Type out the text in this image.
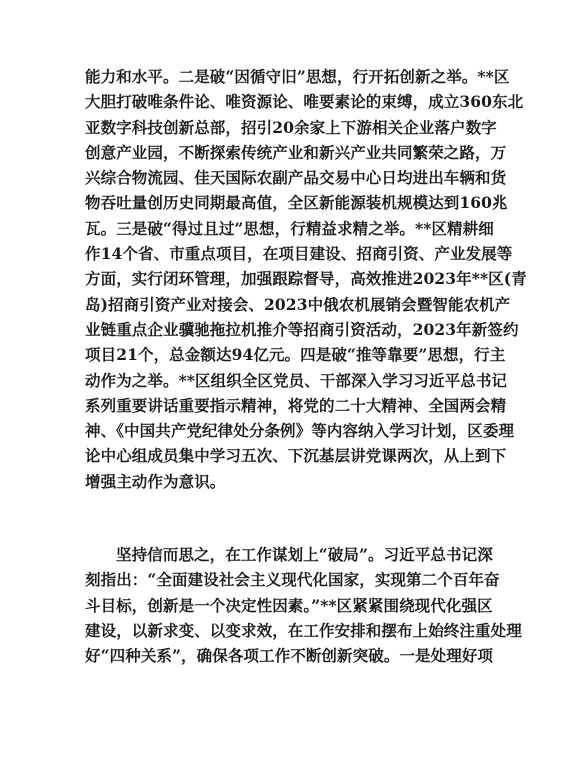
能力和水平。二是破“因循守旧”思想，行开拓创新之举。**区
大胆打破唯条件论、唯资源论、唯要素论的束缚，成立360东北
亚数字科技创新总部，招引20余家上下游相关企业落户数字
创意产业园，不断探索传统产业和新兴产业共同繁荣之路，万
兴综合物流园、佳天国际农副产品交易中心日均进出车辆和货
物吞吐量创历史同期最高值，全区新能源装机规模达到160兆
瓦。三是破“得过且过”思想，行精益求精之举。**区精耕细
作14个省、市重点项目，在项目建设、招商引资、产业发展等
方面，实行闭环管理，加强跟踪督导，高效推进2023年**区(青
岛)招商引资产业对接会、2023中俄农机展销会暨智能农机产
业链重点企业骥驰拖拉机推介等招商引资活动，2023年新签约
项目21个，总金额达94亿元。四是破“推等靠要”思想，行主
动作为之举。**区组织全区党员、干部深入学习习近平总书记
系列重要讲话重要指示精神，将党的二十大精神、全国两会精
神、《中国共产党纪律处分条例》等内容纳入学习计划，区委理
论中心组成员集中学习五次、下沉基层讲党课两次，从上到下
增强主动作为意识。
坚持信而思之，在工作谋划上“破局”。习近平总书记深
刻指出：“全面建设社会主义现代化国家，实现第二个百年奋
斗目标，创新是一个决定性因素。”**区紧紧围绕现代化强区
建设，以新求变、以变求效，在工作安排和摆布上始终注重处理
好“四种关系”，确保各项工作不断创新突破。一是处理好项
